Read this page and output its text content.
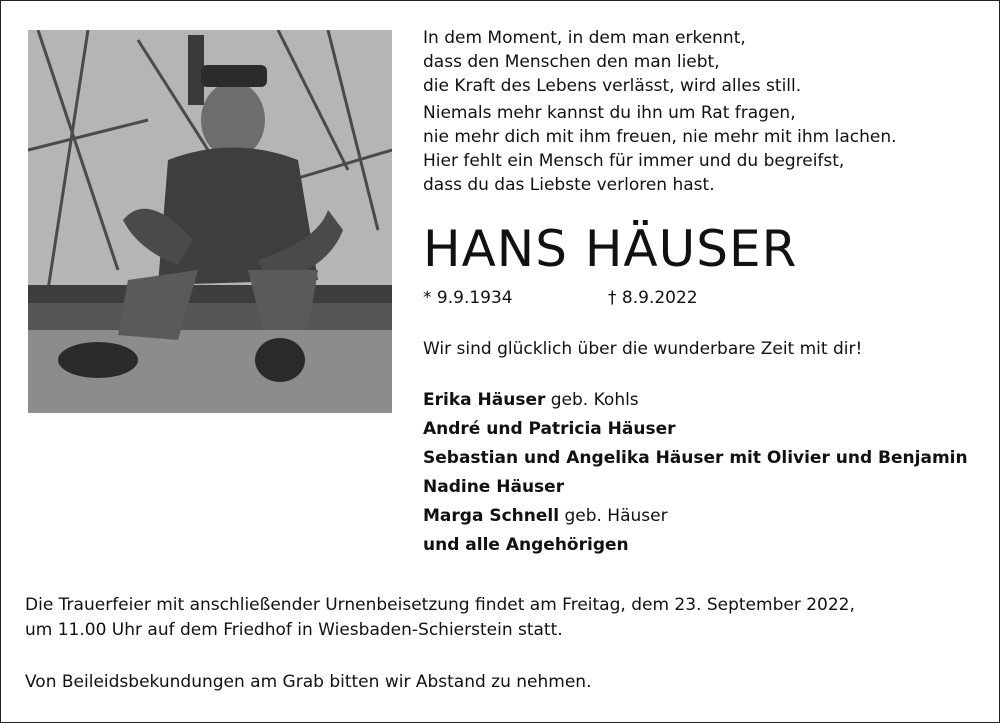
In dem Moment, in dem man erkennt,

dass den Menschen den man liebt,

die Kraft des Lebens verlässt, wird alles still.

Niemals mehr kannst du ihn um Rat fragen,

nie mehr dich mit ihm freuen, nie mehr mit ihm lachen.

Hier fehlt ein Mensch für immer und du begreifst,

dass du das Liebste verloren hast.

HANS HÄUSER
* 9.9.1934	† 8.9.2022
Wir sind glücklich über die wunderbare Zeit mit dir!
Erika Häuser geb. Kohls
André und Patricia Häuser
Sebastian und Angelika Häuser mit Olivier und Benjamin
Nadine Häuser
Marga Schnell geb. Häuser
und alle Angehörigen

Die Trauerfeier mit anschließender Urnenbeisetzung findet am Freitag, dem 23. September 2022,

um 11.00 Uhr auf dem Friedhof in Wiesbaden-Schierstein statt.

Von Beileidsbekundungen am Grab bitten wir Abstand zu nehmen.
